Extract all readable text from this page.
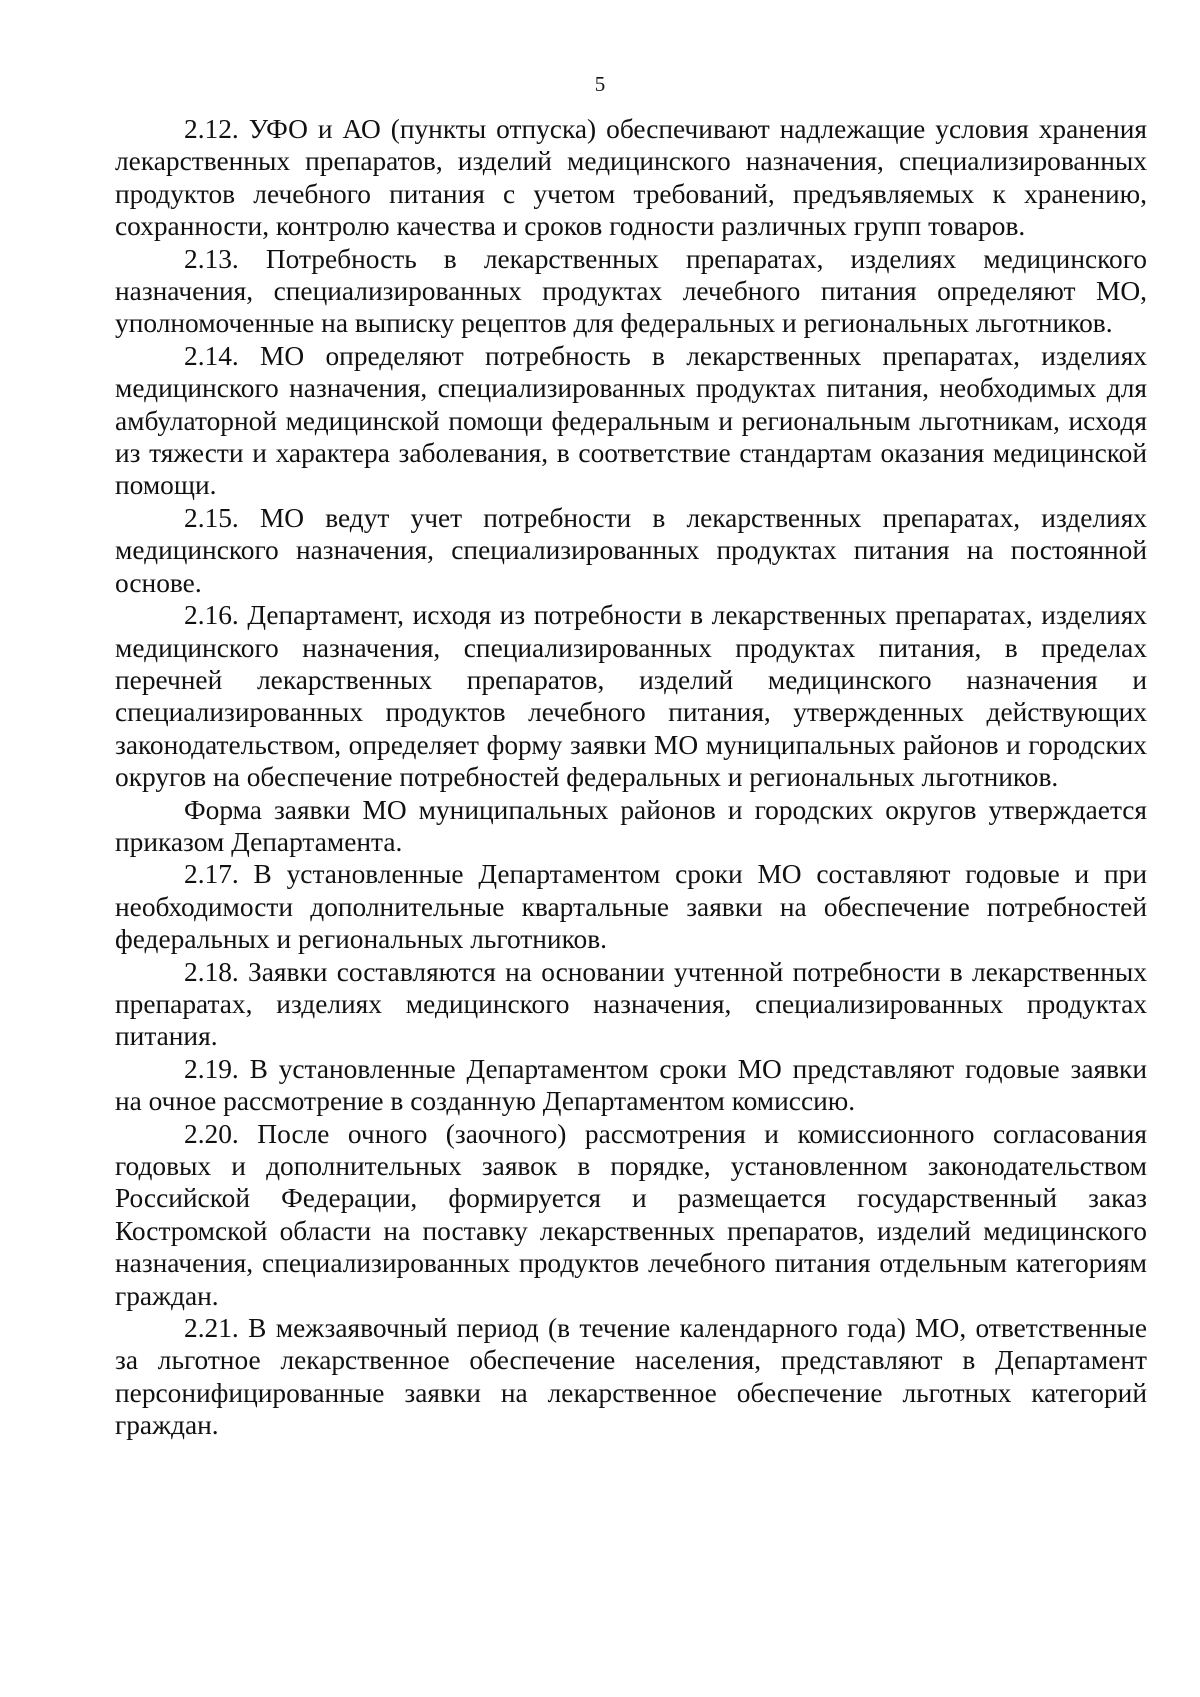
5

2.12. УФО и АО (пункты отпуска) обеспечивают надлежащие условия хранения лекарственных препаратов, изделий медицинского назначения, специализированных продуктов лечебного питания с учетом требований, предъявляемых к хранению, сохранности, контролю качества и сроков годности различных групп товаров.

2.13. Потребность в лекарственных препаратах, изделиях медицинского назначения, специализированных продуктах лечебного питания определяют МО, уполномоченные на выписку рецептов для федеральных и региональных льготников.

2.14. МО определяют потребность в лекарственных препаратах, изделиях медицинского назначения, специализированных продуктах питания, необходимых для амбулаторной медицинской помощи федеральным и региональным льготникам, исходя из тяжести и характера заболевания, в соответствие стандартам оказания медицинской помощи.

2.15. МО ведут учет потребности в лекарственных препаратах, изделиях медицинского назначения, специализированных продуктах питания на постоянной основе.

2.16. Департамент, исходя из потребности в лекарственных препаратах, изделиях медицинского назначения, специализированных продуктах питания, в пределах перечней лекарственных препаратов, изделий медицинского назначения и специализированных продуктов лечебного питания, утвержденных действующих законодательством, определяет форму заявки МО муниципальных районов и городских округов на обеспечение потребностей федеральных и региональных льготников.

Форма заявки МО муниципальных районов и городских округов утверждается приказом Департамента.

2.17. В установленные Департаментом сроки МО составляют годовые и при необходимости дополнительные квартальные заявки на обеспечение потребностей федеральных и региональных льготников.

2.18. Заявки составляются на основании учтенной потребности в лекарственных препаратах, изделиях медицинского назначения, специализированных продуктах питания.

2.19. В установленные Департаментом сроки МО представляют годовые заявки на очное рассмотрение в созданную Департаментом комиссию.

2.20. После очного (заочного) рассмотрения и комиссионного согласования годовых и дополнительных заявок в порядке, установленном законодательством Российской Федерации, формируется и размещается государственный заказ Костромской области на поставку лекарственных препаратов, изделий медицинского назначения, специализированных продуктов лечебного питания отдельным категориям граждан.

2.21. В межзаявочный период (в течение календарного года) МО, ответственные за льготное лекарственное обеспечение населения, представляют в Департамент персонифицированные заявки на лекарственное обеспечение льготных категорий граждан.
